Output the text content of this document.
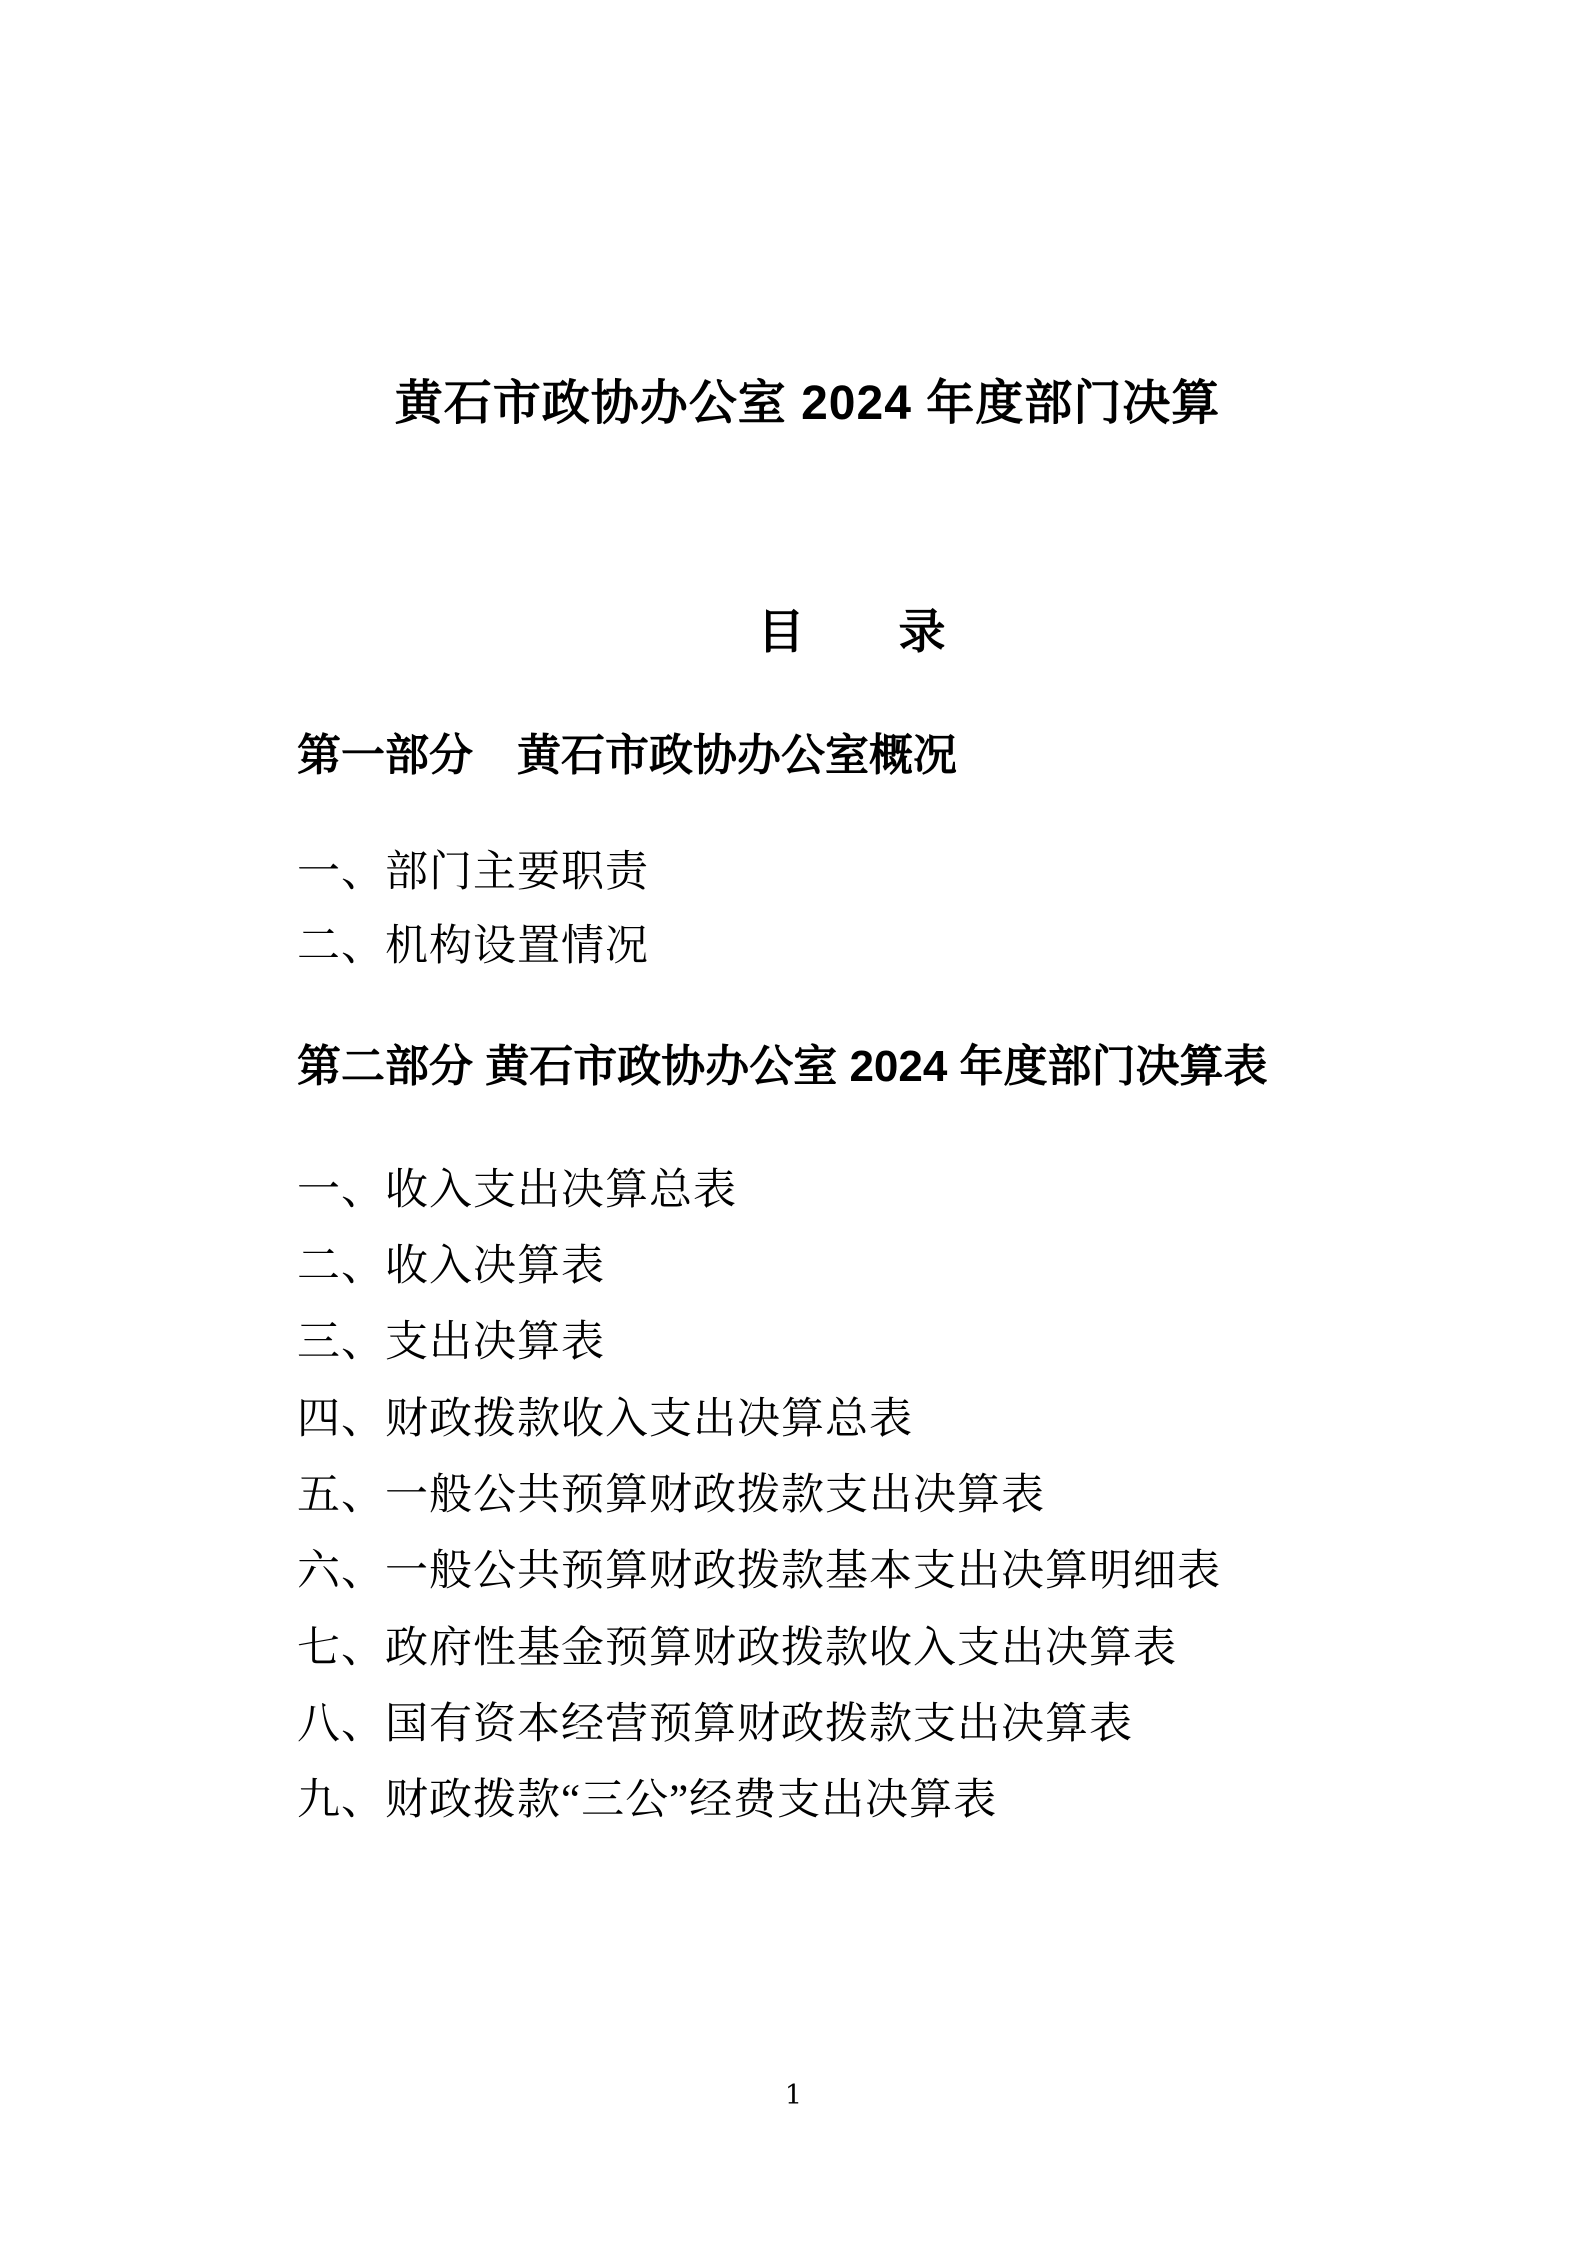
黄石市政协办公室 2024 年度部门决算
目　　录
第一部分　黄石市政协办公室概况
一、部门主要职责
二、机构设置情况
第二部分 黄石市政协办公室 2024 年度部门决算表
一、收入支出决算总表
二、收入决算表
三、支出决算表
四、财政拨款收入支出决算总表
五、一般公共预算财政拨款支出决算表
六、一般公共预算财政拨款基本支出决算明细表
七、政府性基金预算财政拨款收入支出决算表
八、国有资本经营预算财政拨款支出决算表
九、财政拨款“三公”经费支出决算表
1
